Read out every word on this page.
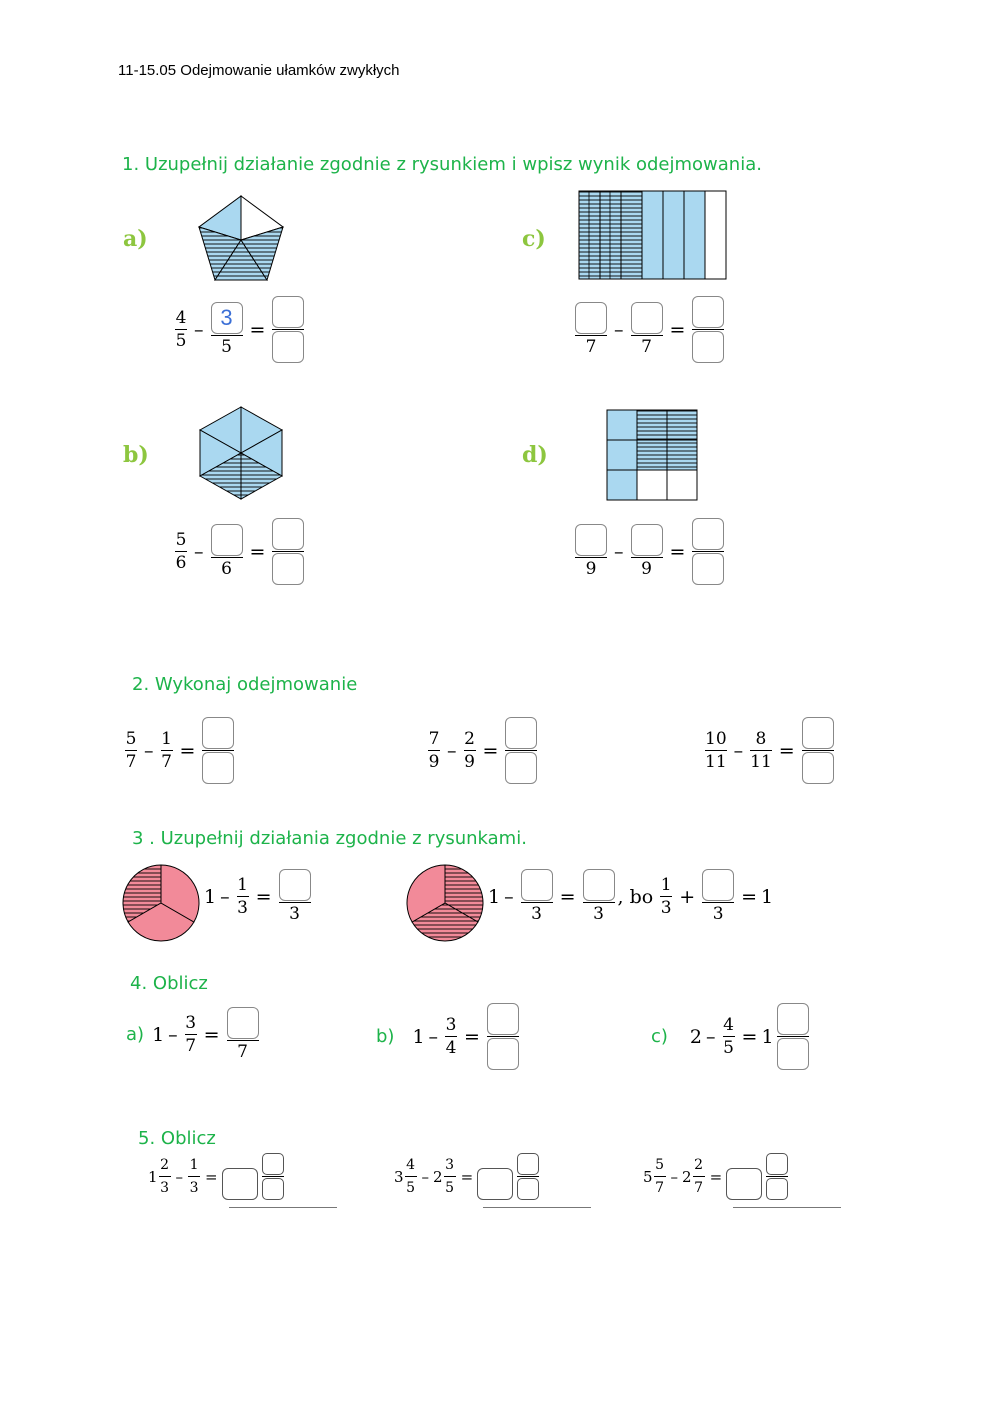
11-15.05 Odejmowanie ułamków zwykłych
1. Uzupełnij działanie zgodnie z rysunkiem i wpisz wynik odejmowania.
a)	c)
b)	d)
$\frac{4}{5} - \frac{3}{5}$ =
7
–
7
=
$\frac{5}{6}$ –
6
=
9
–
9
=
2. Wykonaj odejmowanie
$\frac{5}{7} - \frac{1}{7}$ =	$\frac{7}{9} - \frac{2}{9}$ =	$\frac{10}{11} - \frac{8}{11}$ =
3 . Uzupełnij działania zgodnie z rysunkami.
$1 - \frac{1}{3}$ =
3
1 –
3
=
3
, bo $\frac{1}{3}$ +
3
= 1
4. Oblicz
a) $1 - \frac{3}{7}$ =
7
b) $1 - \frac{3}{4}$ =	c) $2 - \frac{4}{5} = 1$
5. Oblicz
$1 \frac{2}{3} - \frac{1}{3}$ =	$3 \frac{4}{5} - 2 \frac{3}{5}$ =	$5 \frac{5}{7} - 2 \frac{2}{7}$ =
